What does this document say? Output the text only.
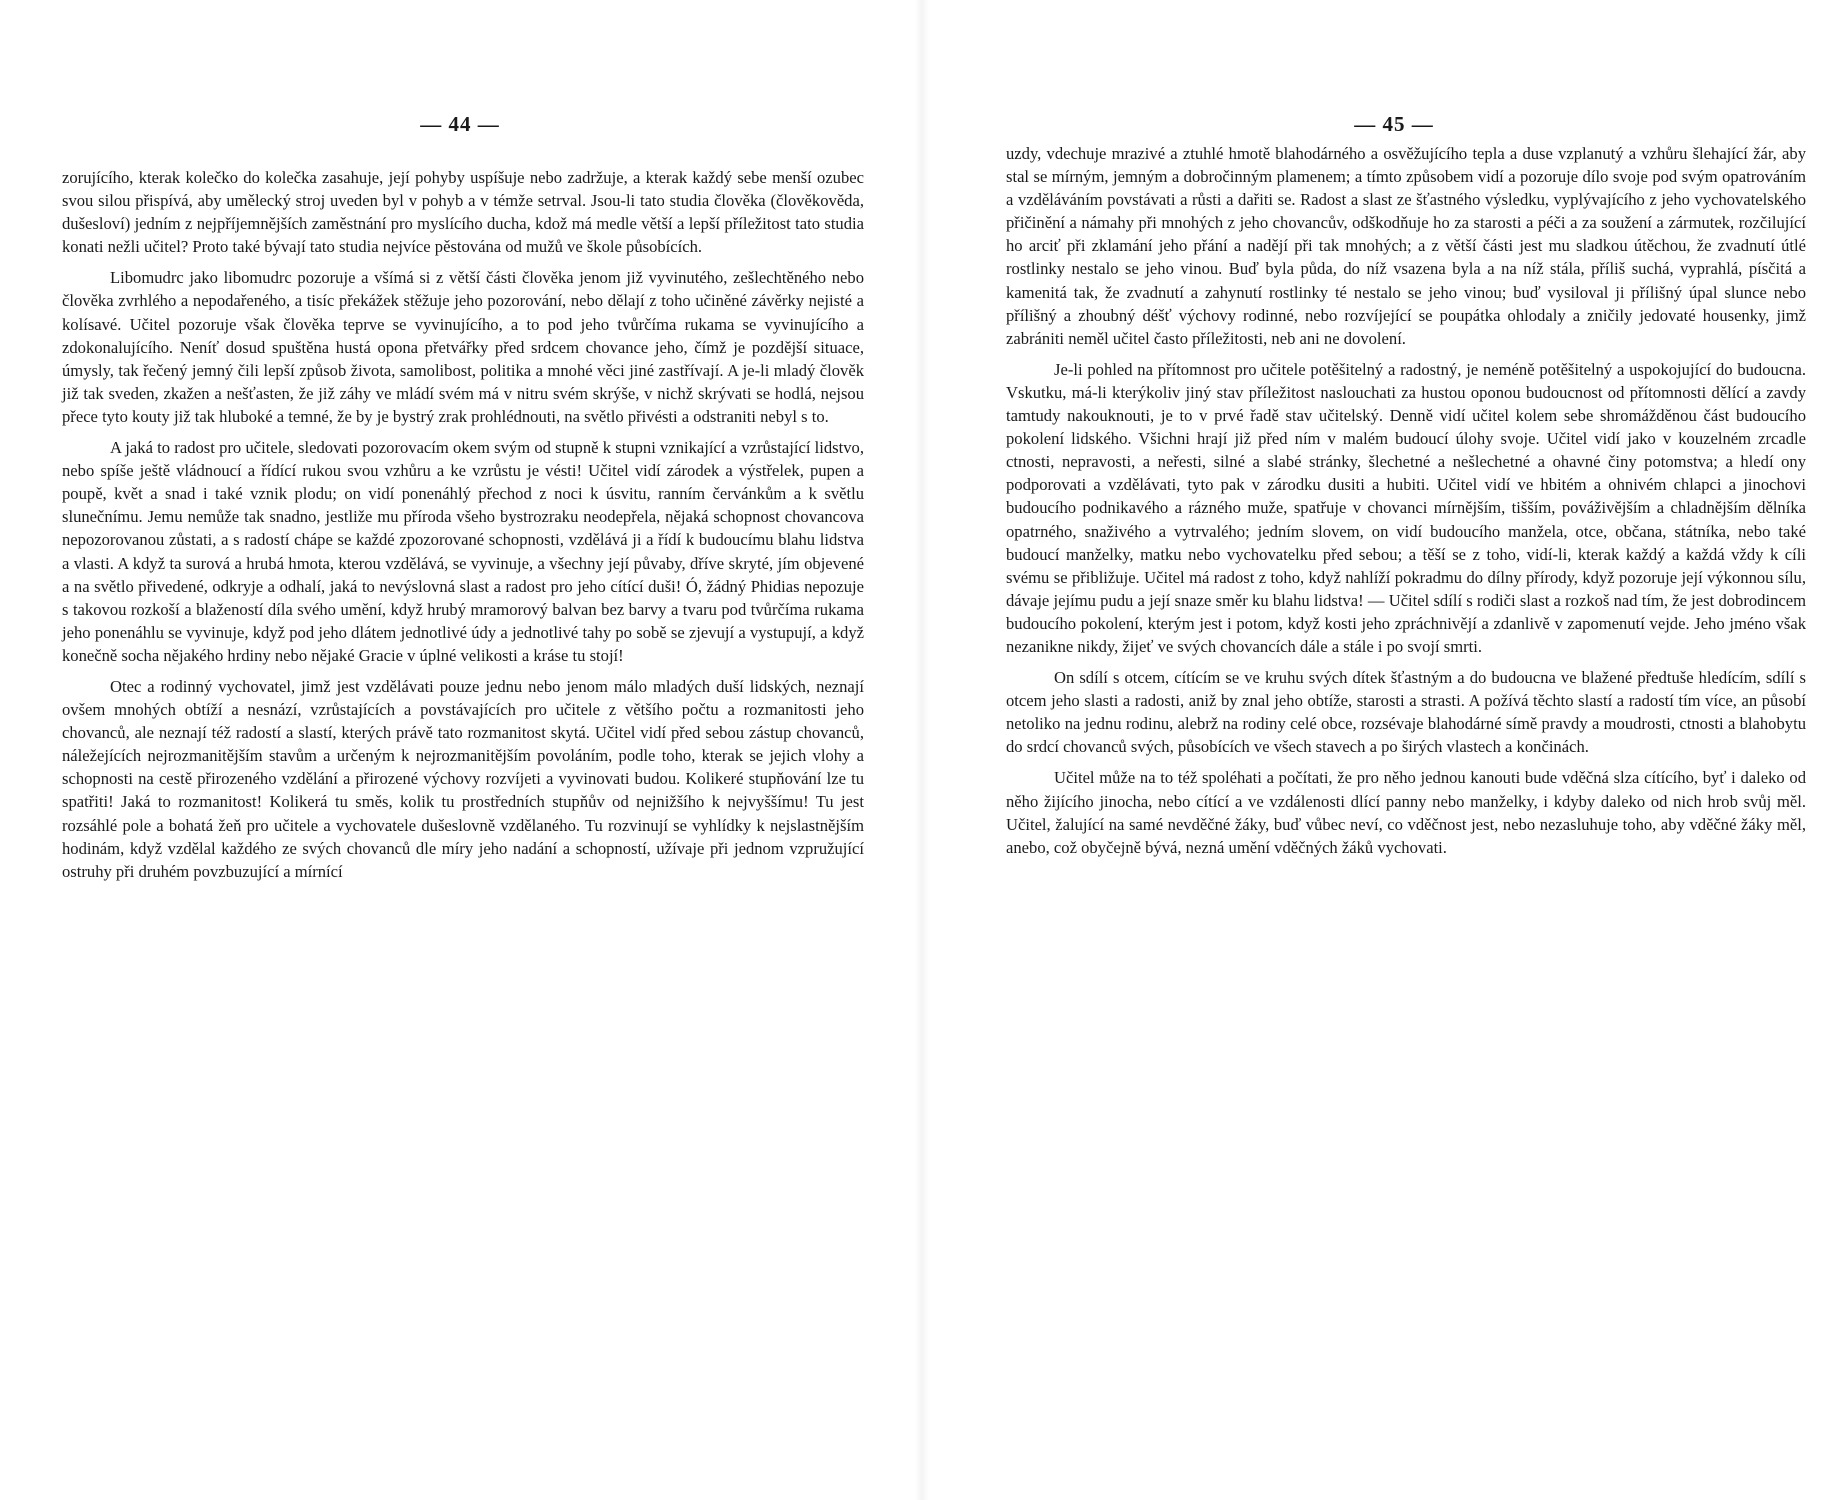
— 44 —

zorujícího, kterak kolečko do kolečka zasahuje, její pohyby uspíšuje nebo zadržuje, a kterak každý sebe menší ozubec svou silou přispívá, aby umělecký stroj uveden byl v pohyb a v témže setrval. Jsou-li tato studia člověka (člověkověda, dušesloví) jedním z nejpříjemnějších zaměstnání pro myslícího ducha, kdož má medle větší a lepší příležitost tato studia konati nežli učitel? Proto také bývají tato studia nejvíce pěstována od mužů ve škole působících.

Libomudrc jako libomudrc pozoruje a všímá si z větší části člověka jenom již vyvinutého, zešlechtěného nebo člověka zvrhlého a nepodařeného, a tisíc překážek stěžuje jeho pozorování, nebo dělají z toho učiněné závěrky nejisté a kolísavé. Učitel pozoruje však člověka teprve se vyvinujícího, a to pod jeho tvůrčíma rukama se vyvinujícího a zdokonalujícího. Neníť dosud spuštěna hustá opona přetvářky před srdcem chovance jeho, čímž je pozdější situace, úmysly, tak řečený jemný čili lepší způsob života, samolibost, politika a mnohé věci jiné zastřívají. A je-li mladý člověk již tak sveden, zkažen a nešťasten, že již záhy ve mládí svém má v nitru svém skrýše, v nichž skrývati se hodlá, nejsou přece tyto kouty již tak hluboké a temné, že by je bystrý zrak prohlédnouti, na světlo přivésti a odstraniti nebyl s to.

A jaká to radost pro učitele, sledovati pozorovacím okem svým od stupně k stupni vznikající a vzrůstající lidstvo, nebo spíše ještě vládnoucí a řídící rukou svou vzhůru a ke vzrůstu je vésti! Učitel vidí zárodek a výstřelek, pupen a poupě, květ a snad i také vznik plodu; on vidí ponenáhlý přechod z noci k úsvitu, ranním červánkům a k světlu slunečnímu. Jemu nemůže tak snadno, jestliže mu příroda všeho bystrozraku neodepřela, nějaká schopnost chovancova nepozorovanou zůstati, a s radostí chápe se každé zpozorované schopnosti, vzdělává ji a řídí k budoucímu blahu lidstva a vlasti. A když ta surová a hrubá hmota, kterou vzdělává, se vyvinuje, a všechny její půvaby, dříve skryté, jím objevené a na světlo přivedené, odkryje a odhalí, jaká to nevýslovná slast a radost pro jeho cítící duši! Ó, žádný Phidias nepozuje s takovou rozkoší a blažeností díla svého umění, když hrubý mramorový balvan bez barvy a tvaru pod tvůrčíma rukama jeho ponenáhlu se vyvinuje, když pod jeho dlátem jednotlivé údy a jednotlivé tahy po sobě se zjevují a vystupují, a když konečně socha nějakého hrdiny nebo nějaké Gracie v úplné velikosti a kráse tu stojí!

Otec a rodinný vychovatel, jimž jest vzdělávati pouze jednu nebo jenom málo mladých duší lidských, neznají ovšem mnohých obtíží a nesnází, vzrůstajících a povstávajících pro učitele z většího počtu a rozmanitosti jeho chovanců, ale neznají též radostí a slastí, kterých právě tato rozmanitost skytá. Učitel vidí před sebou zástup chovanců, náležejících nejrozmanitějším stavům a určeným k nejrozmanitějším povoláním, podle toho, kterak se jejich vlohy a schopnosti na cestě přirozeného vzdělání a přirozené výchovy rozvíjeti a vyvinovati budou. Kolikeré stupňování lze tu spatřiti! Jaká to rozmanitost! Kolikerá tu směs, kolik tu prostředních stupňův od nejnižšího k nejvyššímu! Tu jest rozsáhlé pole a bohatá žeň pro učitele a vychovatele dušeslovně vzdělaného. Tu rozvinují se vyhlídky k nejslastnějším hodinám, když vzdělal každého ze svých chovanců dle míry jeho nadání a schopností, užívaje při jednom vzpružující ostruhy při druhém povzbuzující a mírnící

— 45 —

uzdy, vdechuje mrazivé a ztuhlé hmotě blahodárného a osvěžujícího tepla a duse vzplanutý a vzhůru šlehající žár, aby stal se mírným, jemným a dobročinným plamenem; a tímto způsobem vidí a pozoruje dílo svoje pod svým opatrováním a vzděláváním povstávati a růsti a dařiti se. Radost a slast ze šťastného výsledku, vyplývajícího z jeho vychovatelského přičinění a námahy při mnohých z jeho chovancův, odškodňuje ho za starosti a péči a za soužení a zármutek, rozčilující ho arciť při zklamání jeho přání a nadějí při tak mnohých; a z větší části jest mu sladkou útěchou, že zvadnutí útlé rostlinky nestalo se jeho vinou. Buď byla půda, do níž vsazena byla a na níž stála, příliš suchá, vyprahlá, písčitá a kamenitá tak, že zvadnutí a zahynutí rostlinky té nestalo se jeho vinou; buď vysiloval ji přílišný úpal slunce nebo přílišný a zhoubný déšť výchovy rodinné, nebo rozvíjející se poupátka ohlodaly a zničily jedovaté housenky, jimž zabrániti neměl učitel často příležitosti, neb ani ne dovolení.

Je-li pohled na přítomnost pro učitele potěšitelný a radostný, je neméně potěšitelný a uspokojující do budoucna. Vskutku, má-li kterýkoliv jiný stav příležitost naslouchati za hustou oponou budoucnost od přítomnosti dělící a zavdy tamtudy nakouknouti, je to v prvé řadě stav učitelský. Denně vidí učitel kolem sebe shromážděnou část budoucího pokolení lidského. Všichni hrají již před ním v malém budoucí úlohy svoje. Učitel vidí jako v kouzelném zrcadle ctnosti, nepravosti, a neřesti, silné a slabé stránky, šlechetné a nešlechetné a ohavné činy potomstva; a hledí ony podporovati a vzdělávati, tyto pak v zárodku dusiti a hubiti. Učitel vidí ve hbitém a ohnivém chlapci a jinochovi budoucího podnikavého a rázného muže, spatřuje v chovanci mírnějším, tišším, pováživějším a chladnějším dělníka opatrného, snaživého a vytrvalého; jedním slovem, on vidí budoucího manžela, otce, občana, státníka, nebo také budoucí manželky, matku nebo vychovatelku před sebou; a těší se z toho, vidí-li, kterak každý a každá vždy k cíli svému se přibližuje. Učitel má radost z toho, když nahlíží pokradmu do dílny přírody, když pozoruje její výkonnou sílu, dávaje jejímu pudu a její snaze směr ku blahu lidstva! — Učitel sdílí s rodiči slast a rozkoš nad tím, že jest dobrodincem budoucího pokolení, kterým jest i potom, když kosti jeho zpráchnivějí a zdanlivě v zapomenutí vejde. Jeho jméno však nezanikne nikdy, žijeť ve svých chovancích dále a stále i po svojí smrti.

On sdílí s otcem, cítícím se ve kruhu svých dítek šťastným a do budoucna ve blažené předtuše hledícím, sdílí s otcem jeho slasti a radosti, aniž by znal jeho obtíže, starosti a strasti. A požívá těchto slastí a radostí tím více, an působí netoliko na jednu rodinu, alebrž na rodiny celé obce, rozsévaje blahodárné símě pravdy a moudrosti, ctnosti a blahobytu do srdcí chovanců svých, působících ve všech stavech a po širých vlastech a končinách.

Učitel může na to též spoléhati a počítati, že pro něho jednou kanouti bude vděčná slza cítícího, byť i daleko od něho žijícího jinocha, nebo cítící a ve vzdálenosti dlící panny nebo manželky, i kdyby daleko od nich hrob svůj měl. Učitel, žalující na samé nevděčné žáky, buď vůbec neví, co vděčnost jest, nebo nezasluhuje toho, aby vděčné žáky měl, anebo, což obyčejně bývá, nezná umění vděčných žáků vychovati.
